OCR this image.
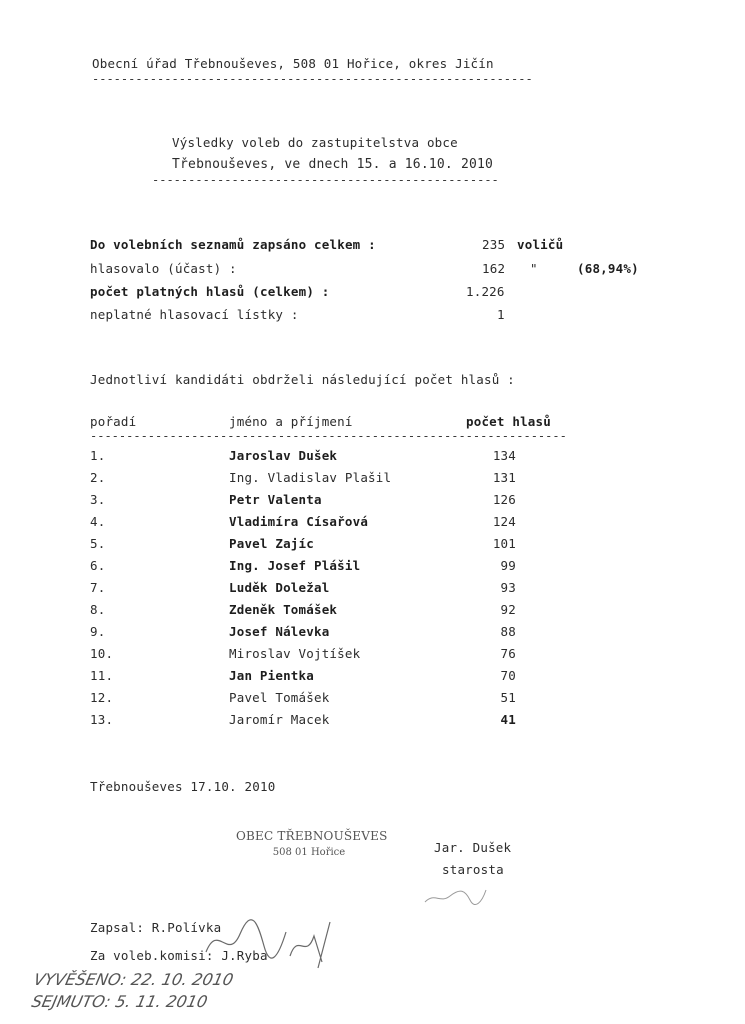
Obecní úřad Třebnouševes, 508 01 Hořice, okres Jičín
-------------------------------------------------------------
Výsledky voleb do zastupitelstva obce
Třebnouševes, ve dnech 15. a 16.10. 2010
------------------------------------------------
Do volebních seznamů zapsáno celkem :	235 voličů
hlasovalo (účast) :	162 "	(68,94%)
počet platných hlasů (celkem) :	1.226
neplatné hlasovací lístky :	1
Jednotliví kandidáti obdrželi následující počet hlasů :
pořadí	jméno a příjmení	počet hlasů
------------------------------------------------------------------
1.	Jaroslav Dušek	134
2.	Ing. Vladislav Plašil	131
3.	Petr Valenta	126
4.	Vladimíra Císařová	124
5.	Pavel Zajíc	101
6.	Ing. Josef Plášil	99
7.	Luděk Doležal	93
8.	Zdeněk Tomášek	92
9.	Josef Nálevka	88
10.	Miroslav Vojtíšek	76
11.	Jan Pientka	70
12.	Pavel Tomášek	51
13.	Jaromír Macek	41
Třebnouševes 17.10. 2010
OBEC TŘEBNOUŠEVES
508 01 Hořice	Jar. Dušek
starosta
Zapsal: R.Polívka
Za voleb.komisi: J.Ryba
VYVĚŠENO: 22. 10. 2010
SEJMUTO: 5. 11. 2010
